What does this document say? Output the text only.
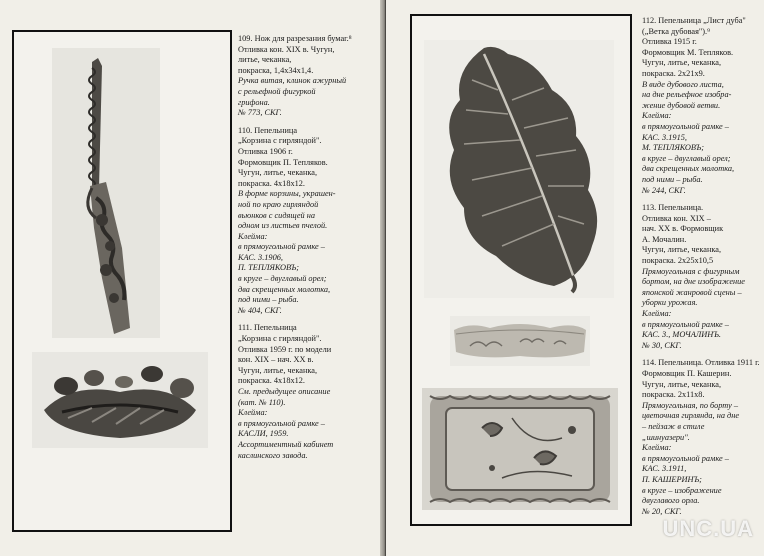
109. Нож для разрезания бумаг.⁸
Отливка кон. XIX в. Чугун,
литье, чеканка,
покраска, 1,4х34х1,4.
Ручка витая, клинок ажурный
с рельефной фигуркой
грифона.
№ 773, СКГ.
110. Пепельница
„Корзина с гирляндой".
Отливка 1906 г.
Формовщик П. Тепляков.
Чугун, литье, чеканка,
покраска. 4х18х12.
В форме корзины, украшен-
ной по краю гирляндой
вьюнков с сидящей на
одном из листьев пчелой.
Клейма:
в прямоугольной рамке –
КАС. 3.1906,
П. ТЕПЛЯКОВЪ;
в круге – двуглавый орел;
два скрещенных молотка,
под ними – рыба.
№ 404, СКГ.
111. Пепельница
„Корзина с гирляндой".
Отливка 1959 г. по модели
кон. XIX – нач. XX в.
Чугун, литье, чеканка,
покраска. 4х18х12.
См. предыдущее описание
(кат. № 110).
Клейма:
в прямоугольной рамке –
КАСЛИ, 1959.
Ассортиментный кабинет
каслинского завода.
112. Пепельница „Лист дуба"
(„Ветка дубовая").⁹
Отливка 1915 г.
Формовщик М. Тепляков.
Чугун, литье, чеканка,
покраска. 2х21х9.
В виде дубового листа,
на дне рельефное изобра-
жение дубовой ветви.
Клейма:
в прямоугольной рамке –
КАС. 3.1915,
М. ТЕПЛЯКОВЪ;
в круге – двуглавый орел;
два скрещенных молотка,
под ними – рыба.
№ 244, СКГ.
113. Пепельница.
Отливка кон. XIX –
нач. XX в. Формовщик
А. Мочалин.
Чугун, литье, чеканка,
покраска. 2х25х10,5
Прямоугольная с фигурным
бортом, на дне изображение
японской жанровой сцены –
уборки урожая.
Клейма:
в прямоугольной рамке –
КАС. 3., МОЧАЛИНЪ.
№ 30, СКГ.
114. Пепельница. Отливка 1911 г.
Формовщик П. Кашерин.
Чугун, литье, чеканка,
покраска. 2х11х8.
Прямоугольная, по борту –
цветочная гирлянда, на дне
– пейзаж в стиле
„шинуазери".
Клейма:
в прямоугольной рамке –
КАС. 3.1911,
П. КАШЕРИНЪ;
в круге – изображение
двуглавого орла.
№ 20, СКГ.
UNC.UA
